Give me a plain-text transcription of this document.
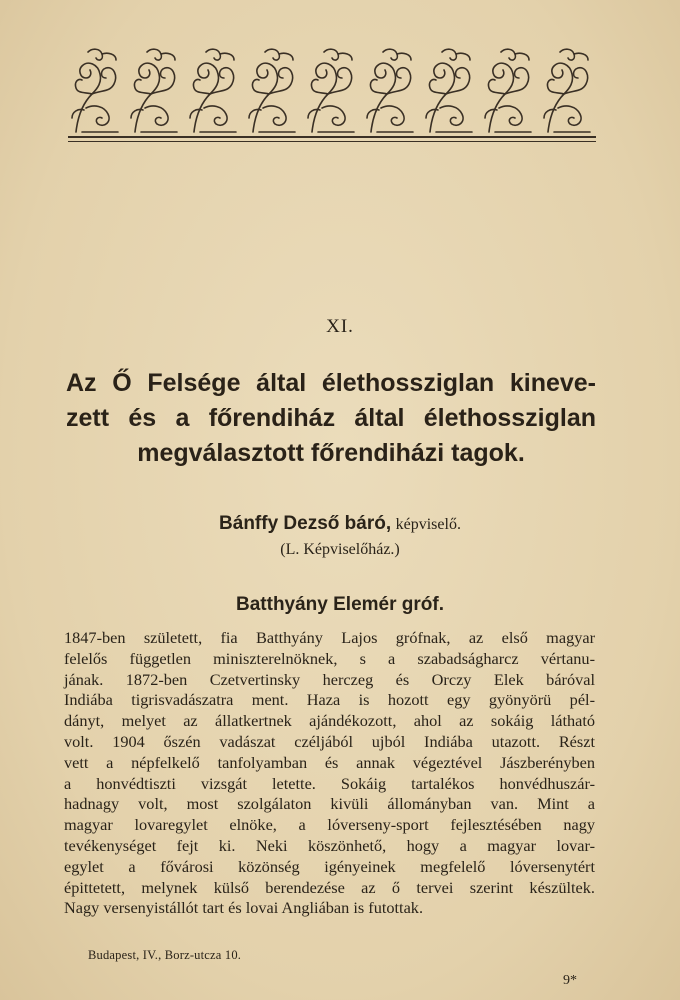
XI.
Az Ő Felsége által élethossziglan kineve-
zett és a főrendiház által élethossziglan
megválasztott főrendiházi tagok.
Bánffy Dezső báró, képviselő.
(L. Képviselőház.)
Batthyány Elemér gróf.
1847-ben született, fia Batthyány Lajos grófnak, az első magyar
felelős független miniszterelnöknek, s a szabadságharcz vértanu-
jának. 1872-ben Czetvertinsky herczeg és Orczy Elek báróval
Indiába tigrisvadászatra ment. Haza is hozott egy gyönyörü pél-
dányt, melyet az állatkertnek ajándékozott, ahol az sokáig látható
volt. 1904 őszén vadászat czéljából ujból Indiába utazott. Részt
vett a népfelkelő tanfolyamban és annak végeztével Jászberényben
a honvédtiszti vizsgát letette. Sokáig tartalékos honvédhuszár-
hadnagy volt, most szolgálaton kivüli állományban van. Mint a
magyar lovaregylet elnöke, a lóverseny-sport fejlesztésében nagy
tevékenységet fejt ki. Neki köszönhető, hogy a magyar lovar-
egylet a fővárosi közönség igényeinek megfelelő lóversenytért
épittetett, melynek külső berendezése az ő tervei szerint készültek.
Nagy versenyistállót tart és lovai Angliában is futottak.
Budapest, IV., Borz-utcza 10.
9*
